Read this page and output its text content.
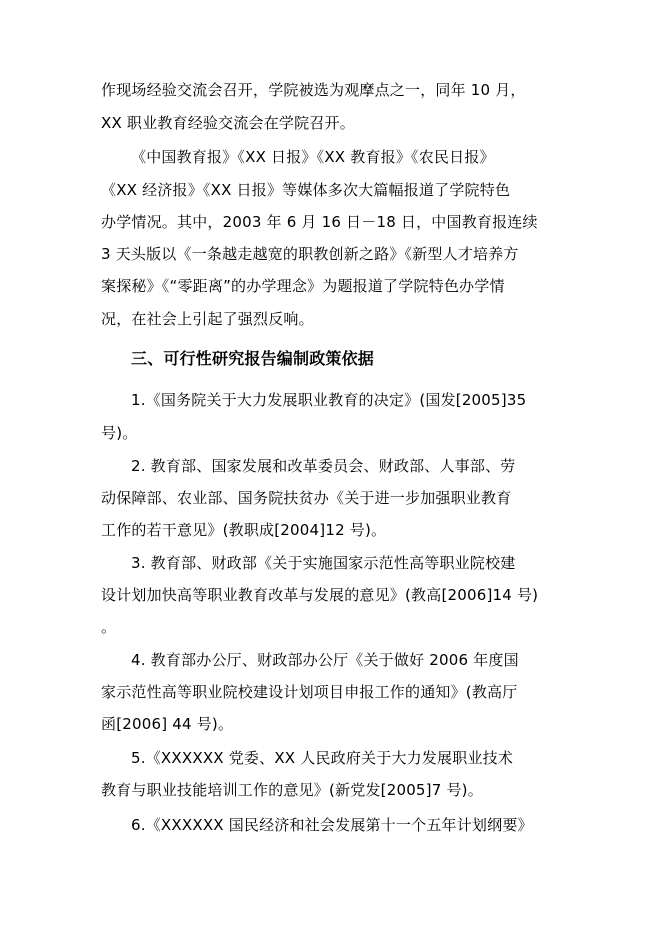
作现场经验交流会召开，学院被选为观摩点之一，同年 10 月，
XX 职业教育经验交流会在学院召开。
《中国教育报》《XX 日报》《XX 教育报》《农民日报》
《XX 经济报》《XX 日报》等媒体多次大篇幅报道了学院特色
办学情况。其中，2003 年 6 月 16 日－18 日，中国教育报连续
3 天头版以《一条越走越宽的职教创新之路》《新型人才培养方
案探秘》《“零距离”的办学理念》为题报道了学院特色办学情
况，在社会上引起了强烈反响。
三、可行性研究报告编制政策依据
1.《国务院关于大力发展职业教育的决定》(国发[2005]35
号)。
2. 教育部、国家发展和改革委员会、财政部、人事部、劳
动保障部、农业部、国务院扶贫办《关于进一步加强职业教育
工作的若干意见》(教职成[2004]12 号)。
3. 教育部、财政部《关于实施国家示范性高等职业院校建
设计划加快高等职业教育改革与发展的意见》(教高[2006]14 号)
。
4. 教育部办公厅、财政部办公厅《关于做好 2006 年度国
家示范性高等职业院校建设计划项目申报工作的通知》(教高厅
函[2006] 44 号)。
5.《XXXXXX 党委、XX 人民政府关于大力发展职业技术
教育与职业技能培训工作的意见》(新党发[2005]7 号)。
6.《XXXXXX 国民经济和社会发展第十一个五年计划纲要》
